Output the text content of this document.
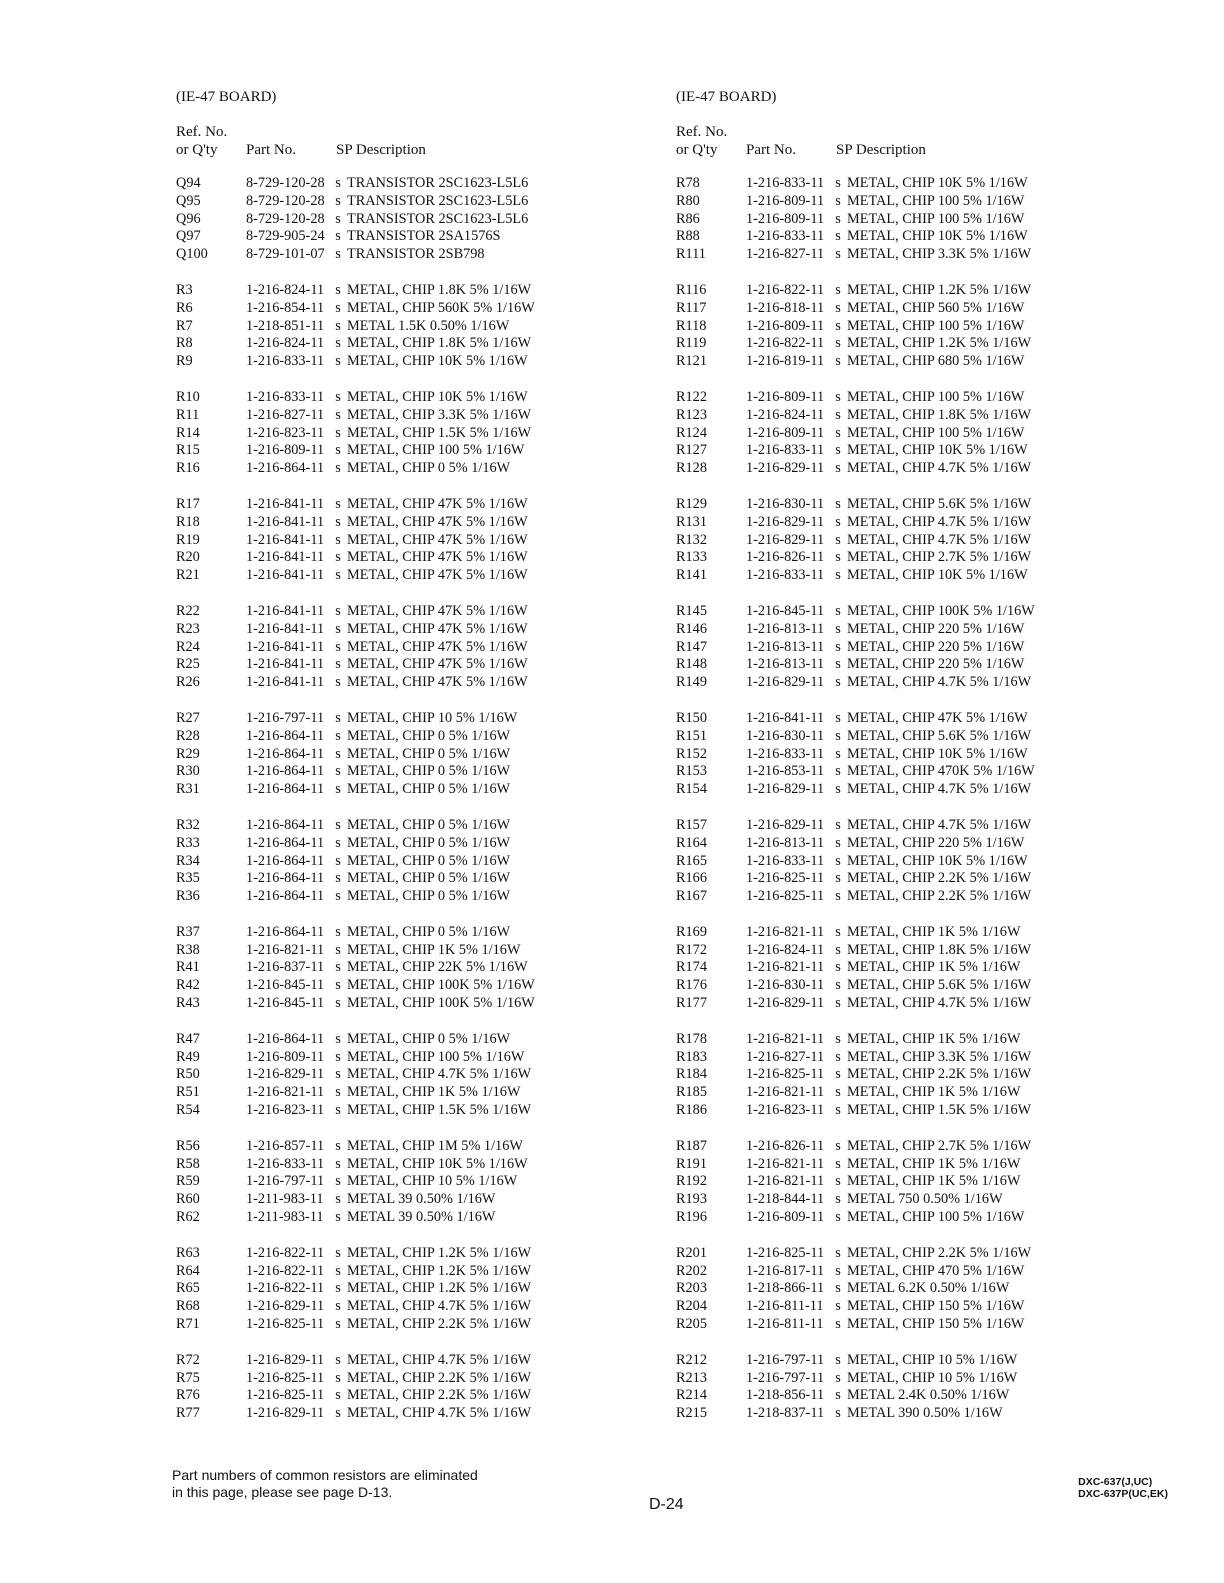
(IE-47 BOARD)
Ref. No.
or Q'ty	Part No.	SP Description
Q94	8-729-120-28 s TRANSISTOR 2SC1623-L5L6
Q95	8-729-120-28 s TRANSISTOR 2SC1623-L5L6
Q96	8-729-120-28 s TRANSISTOR 2SC1623-L5L6
Q97	8-729-905-24 s TRANSISTOR 2SA1576S
Q100	8-729-101-07 s TRANSISTOR 2SB798
R3	1-216-824-11 s METAL, CHIP 1.8K 5% 1/16W
R6	1-216-854-11 s METAL, CHIP 560K 5% 1/16W
R7	1-218-851-11 s METAL 1.5K 0.50% 1/16W
R8	1-216-824-11 s METAL, CHIP 1.8K 5% 1/16W
R9	1-216-833-11 s METAL, CHIP 10K 5% 1/16W
R10	1-216-833-11 s METAL, CHIP 10K 5% 1/16W
R11	1-216-827-11 s METAL, CHIP 3.3K 5% 1/16W
R14	1-216-823-11 s METAL, CHIP 1.5K 5% 1/16W
R15	1-216-809-11 s METAL, CHIP 100 5% 1/16W
R16	1-216-864-11 s METAL, CHIP 0 5% 1/16W
R17	1-216-841-11 s METAL, CHIP 47K 5% 1/16W
R18	1-216-841-11 s METAL, CHIP 47K 5% 1/16W
R19	1-216-841-11 s METAL, CHIP 47K 5% 1/16W
R20	1-216-841-11 s METAL, CHIP 47K 5% 1/16W
R21	1-216-841-11 s METAL, CHIP 47K 5% 1/16W
R22	1-216-841-11 s METAL, CHIP 47K 5% 1/16W
R23	1-216-841-11 s METAL, CHIP 47K 5% 1/16W
R24	1-216-841-11 s METAL, CHIP 47K 5% 1/16W
R25	1-216-841-11 s METAL, CHIP 47K 5% 1/16W
R26	1-216-841-11 s METAL, CHIP 47K 5% 1/16W
R27	1-216-797-11 s METAL, CHIP 10 5% 1/16W
R28	1-216-864-11 s METAL, CHIP 0 5% 1/16W
R29	1-216-864-11 s METAL, CHIP 0 5% 1/16W
R30	1-216-864-11 s METAL, CHIP 0 5% 1/16W
R31	1-216-864-11 s METAL, CHIP 0 5% 1/16W
R32	1-216-864-11 s METAL, CHIP 0 5% 1/16W
R33	1-216-864-11 s METAL, CHIP 0 5% 1/16W
R34	1-216-864-11 s METAL, CHIP 0 5% 1/16W
R35	1-216-864-11 s METAL, CHIP 0 5% 1/16W
R36	1-216-864-11 s METAL, CHIP 0 5% 1/16W
R37	1-216-864-11 s METAL, CHIP 0 5% 1/16W
R38	1-216-821-11 s METAL, CHIP 1K 5% 1/16W
R41	1-216-837-11 s METAL, CHIP 22K 5% 1/16W
R42	1-216-845-11 s METAL, CHIP 100K 5% 1/16W
R43	1-216-845-11 s METAL, CHIP 100K 5% 1/16W
R47	1-216-864-11 s METAL, CHIP 0 5% 1/16W
R49	1-216-809-11 s METAL, CHIP 100 5% 1/16W
R50	1-216-829-11 s METAL, CHIP 4.7K 5% 1/16W
R51	1-216-821-11 s METAL, CHIP 1K 5% 1/16W
R54	1-216-823-11 s METAL, CHIP 1.5K 5% 1/16W
R56	1-216-857-11 s METAL, CHIP 1M 5% 1/16W
R58	1-216-833-11 s METAL, CHIP 10K 5% 1/16W
R59	1-216-797-11 s METAL, CHIP 10 5% 1/16W
R60	1-211-983-11 s METAL 39 0.50% 1/16W
R62	1-211-983-11 s METAL 39 0.50% 1/16W
R63	1-216-822-11 s METAL, CHIP 1.2K 5% 1/16W
R64	1-216-822-11 s METAL, CHIP 1.2K 5% 1/16W
R65	1-216-822-11 s METAL, CHIP 1.2K 5% 1/16W
R68	1-216-829-11 s METAL, CHIP 4.7K 5% 1/16W
R71	1-216-825-11 s METAL, CHIP 2.2K 5% 1/16W
R72	1-216-829-11 s METAL, CHIP 4.7K 5% 1/16W
R75	1-216-825-11 s METAL, CHIP 2.2K 5% 1/16W
R76	1-216-825-11 s METAL, CHIP 2.2K 5% 1/16W
R77	1-216-829-11 s METAL, CHIP 4.7K 5% 1/16W
(IE-47 BOARD)
Ref. No.
or Q'ty	Part No.	SP Description
R78	1-216-833-11 s METAL, CHIP 10K 5% 1/16W
R80	1-216-809-11 s METAL, CHIP 100 5% 1/16W
R86	1-216-809-11 s METAL, CHIP 100 5% 1/16W
R88	1-216-833-11 s METAL, CHIP 10K 5% 1/16W
R111	1-216-827-11 s METAL, CHIP 3.3K 5% 1/16W
R116	1-216-822-11 s METAL, CHIP 1.2K 5% 1/16W
R117	1-216-818-11 s METAL, CHIP 560 5% 1/16W
R118	1-216-809-11 s METAL, CHIP 100 5% 1/16W
R119	1-216-822-11 s METAL, CHIP 1.2K 5% 1/16W
R121	1-216-819-11 s METAL, CHIP 680 5% 1/16W
R122	1-216-809-11 s METAL, CHIP 100 5% 1/16W
R123	1-216-824-11 s METAL, CHIP 1.8K 5% 1/16W
R124	1-216-809-11 s METAL, CHIP 100 5% 1/16W
R127	1-216-833-11 s METAL, CHIP 10K 5% 1/16W
R128	1-216-829-11 s METAL, CHIP 4.7K 5% 1/16W
R129	1-216-830-11 s METAL, CHIP 5.6K 5% 1/16W
R131	1-216-829-11 s METAL, CHIP 4.7K 5% 1/16W
R132	1-216-829-11 s METAL, CHIP 4.7K 5% 1/16W
R133	1-216-826-11 s METAL, CHIP 2.7K 5% 1/16W
R141	1-216-833-11 s METAL, CHIP 10K 5% 1/16W
R145	1-216-845-11 s METAL, CHIP 100K 5% 1/16W
R146	1-216-813-11 s METAL, CHIP 220 5% 1/16W
R147	1-216-813-11 s METAL, CHIP 220 5% 1/16W
R148	1-216-813-11 s METAL, CHIP 220 5% 1/16W
R149	1-216-829-11 s METAL, CHIP 4.7K 5% 1/16W
R150	1-216-841-11 s METAL, CHIP 47K 5% 1/16W
R151	1-216-830-11 s METAL, CHIP 5.6K 5% 1/16W
R152	1-216-833-11 s METAL, CHIP 10K 5% 1/16W
R153	1-216-853-11 s METAL, CHIP 470K 5% 1/16W
R154	1-216-829-11 s METAL, CHIP 4.7K 5% 1/16W
R157	1-216-829-11 s METAL, CHIP 4.7K 5% 1/16W
R164	1-216-813-11 s METAL, CHIP 220 5% 1/16W
R165	1-216-833-11 s METAL, CHIP 10K 5% 1/16W
R166	1-216-825-11 s METAL, CHIP 2.2K 5% 1/16W
R167	1-216-825-11 s METAL, CHIP 2.2K 5% 1/16W
R169	1-216-821-11 s METAL, CHIP 1K 5% 1/16W
R172	1-216-824-11 s METAL, CHIP 1.8K 5% 1/16W
R174	1-216-821-11 s METAL, CHIP 1K 5% 1/16W
R176	1-216-830-11 s METAL, CHIP 5.6K 5% 1/16W
R177	1-216-829-11 s METAL, CHIP 4.7K 5% 1/16W
R178	1-216-821-11 s METAL, CHIP 1K 5% 1/16W
R183	1-216-827-11 s METAL, CHIP 3.3K 5% 1/16W
R184	1-216-825-11 s METAL, CHIP 2.2K 5% 1/16W
R185	1-216-821-11 s METAL, CHIP 1K 5% 1/16W
R186	1-216-823-11 s METAL, CHIP 1.5K 5% 1/16W
R187	1-216-826-11 s METAL, CHIP 2.7K 5% 1/16W
R191	1-216-821-11 s METAL, CHIP 1K 5% 1/16W
R192	1-216-821-11 s METAL, CHIP 1K 5% 1/16W
R193	1-218-844-11 s METAL 750 0.50% 1/16W
R196	1-216-809-11 s METAL, CHIP 100 5% 1/16W
R201	1-216-825-11 s METAL, CHIP 2.2K 5% 1/16W
R202	1-216-817-11 s METAL, CHIP 470 5% 1/16W
R203	1-218-866-11 s METAL 6.2K 0.50% 1/16W
R204	1-216-811-11 s METAL, CHIP 150 5% 1/16W
R205	1-216-811-11 s METAL, CHIP 150 5% 1/16W
R212	1-216-797-11 s METAL, CHIP 10 5% 1/16W
R213	1-216-797-11 s METAL, CHIP 10 5% 1/16W
R214	1-218-856-11 s METAL 2.4K 0.50% 1/16W
R215	1-218-837-11 s METAL 390 0.50% 1/16W
Part numbers of common resistors are eliminated
in this page, please see page D-13.
D-24
DXC-637(J,UC)
DXC-637P(UC,EK)
